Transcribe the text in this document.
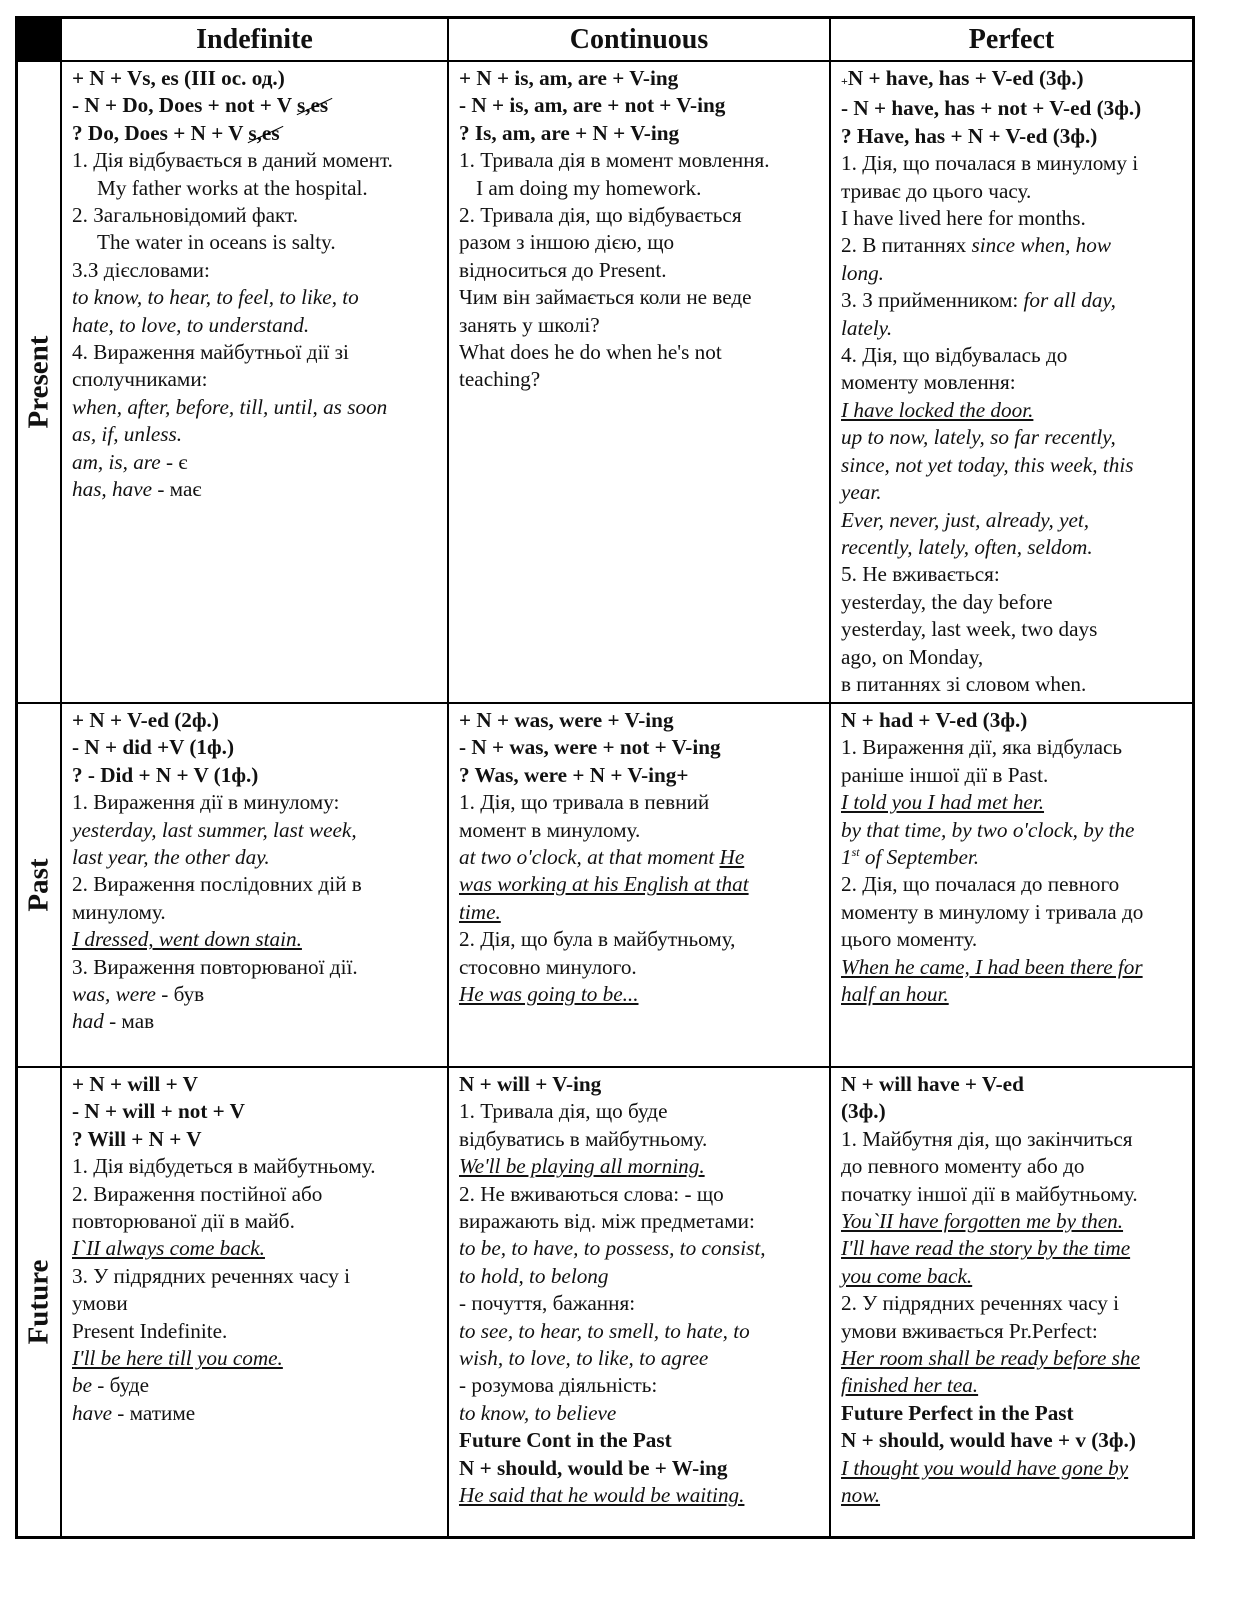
Indefinite	Continuous	Perfect
Present
+ N + Vs, es (III ос. од.)
- N + Do, Does + not + V s,es
? Do, Does + N + V s,es
1. Дія відбувається в даний момент.
My father works at the hospital.
2. Загальновідомий факт.
The water in oceans is salty.
3.З дієсловами:
to know, to hear, to feel, to like, to
hate, to love, to understand.
4. Вираження майбутньої дії зі
сполучниками:
when, after, before, till, until, as soon
as, if, unless.
am, is, are - є
has, have - має
+ N + is, am, are + V-ing
- N + is, am, are + not + V-ing
? Is, am, are + N + V-ing
1. Тривала дія в момент мовлення.
I am doing my homework.
2. Тривала дія, що відбувається
разом з іншою дією, що
відноситься до Present.
Чим він займається коли не веде
занять у школі?
What does he do when he's not
teaching?
+N + have, has + V-ed (3ф.)
- N + have, has + not + V-ed (3ф.)
? Have, has + N + V-ed (3ф.)
1. Дія, що почалася в минулому і
триває до цього часу.
I have lived here for months.
2. В питаннях since when, how
long.
3. З прийменником: for all day,
lately.
4. Дія, що відбувалась до
моменту мовлення:
I have locked the door.
up to now, lately, so far recently,
since, not yet today, this week, this
year.
Ever, never, just, already, yet,
recently, lately, often, seldom.
5. Не вживається:
yesterday, the day before
yesterday, last week, two days
ago, on Monday,
в питаннях зі словом when.
Past
+ N + V-ed (2ф.)
- N + did +V (1ф.)
? - Did + N + V (1ф.)
1. Вираження дії в минулому:
yesterday, last summer, last week,
last year, the other day.
2. Вираження послідовних дій в
минулому.
I dressed, went down stain.
3. Вираження повторюваної дії.
was, were - був
had - мав
+ N + was, were + V-ing
- N + was, were + not + V-ing
? Was, were + N + V-ing+
1. Дія, що тривала в певний
момент в минулому.
at two o'clock, at that moment He
was working at his English at that
time.
2. Дія, що була в майбутньому,
стосовно минулого.
He was going to be...
N + had + V-ed (3ф.)
1. Вираження дії, яка відбулась
раніше іншої дії в Past.
I told you I had met her.
by that time, by two o'clock, by the
1st of September.
2. Дія, що почалася до певного
моменту в минулому і тривала до
цього моменту.
When he came, I had been there for
half an hour.
Future
+ N + will + V
- N + will + not + V
? Will + N + V
1. Дія відбудеться в майбутньому.
2. Вираження постійної або
повторюваної дії в майб.
I`II always come back.
3. У підрядних реченнях часу і
умови
Present Indefinite.
I'll be here till you come.
be - буде
have - матиме
N + will + V-ing
1. Тривала дія, що буде
відбуватись в майбутньому.
We'll be playing all morning.
2. Не вживаються слова: - що
виражають від. між предметами:
to be, to have, to possess, to consist,
to hold, to belong
- почуття, бажання:
to see, to hear, to smell, to hate, to
wish, to love, to like, to agree
- розумова діяльність:
to know, to believe
Future Cont in the Past
N + should, would be + W-ing
He said that he would be waiting.
N + will have + V-ed
(3ф.)
1. Майбутня дія, що закінчиться
до певного моменту або до
початку іншої дії в майбутньому.
You`II have forgotten me by then.
I'll have read the story by the time
you come back.
2. У підрядних реченнях часу і
умови вживається Pr.Perfect:
Her room shall be ready before she
finished her tea.
Future Perfect in the Past
N + should, would have + v (3ф.)
I thought you would have gone by
now.
